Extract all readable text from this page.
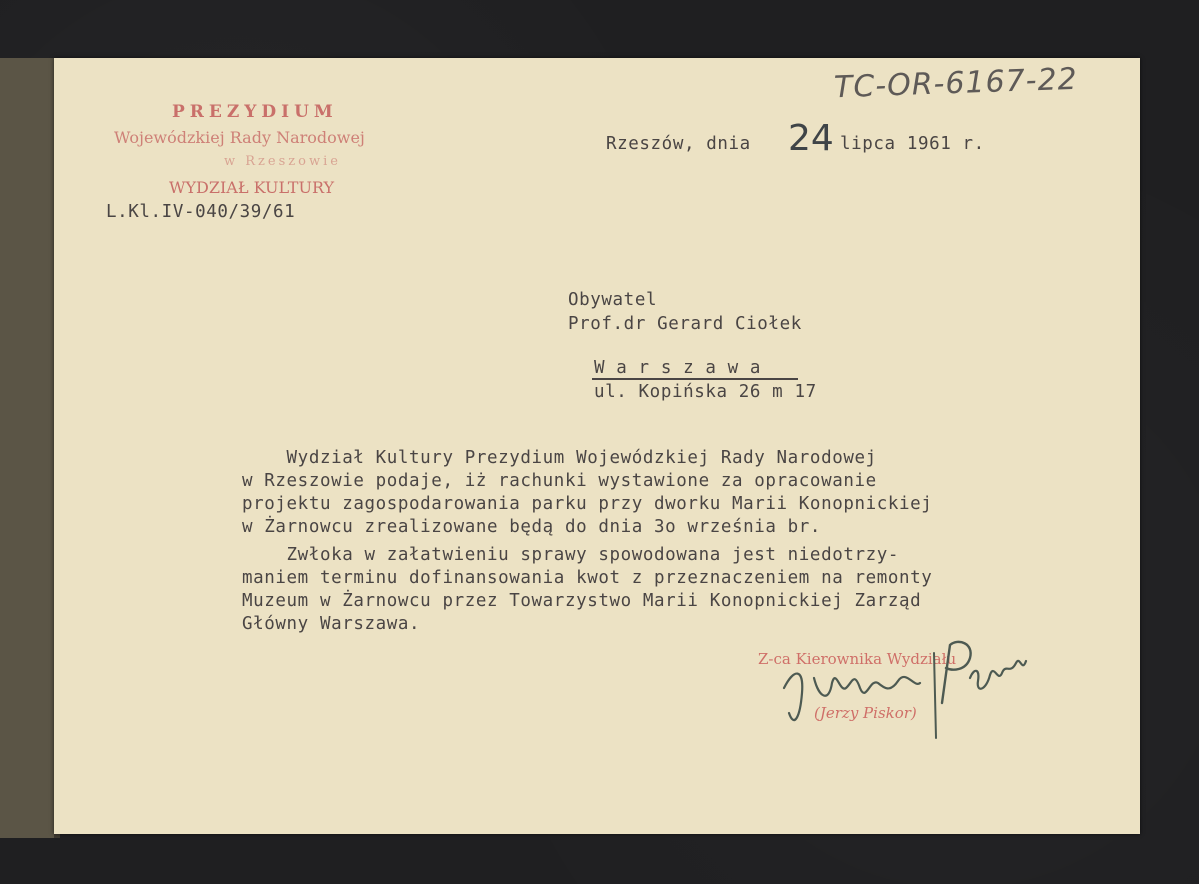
TC-OR-6167-22
PREZYDIUM
Wojewódzkiej Rady Narodowej
w Rzeszowie
WYDZIAŁ KULTURY
L.Kl.IV-040/39/61
Rzeszów, dnia 24 lipca 1961 r.
Obywatel
Prof.dr Gerard Ciołek
W a r s z a w a
ul. Kopińska 26 m 17
Wydział Kultury Prezydium Wojewódzkiej Rady Narodowej
w Rzeszowie podaje, iż rachunki wystawione za opracowanie
projektu zagospodarowania parku przy dworku Marii Konopnickiej
w Żarnowcu zrealizowane będą do dnia 3o września br.
Zwłoka w załatwieniu sprawy spowodowana jest niedotrzy-
maniem terminu dofinansowania kwot z przeznaczeniem na remonty
Muzeum w Żarnowcu przez Towarzystwo Marii Konopnickiej Zarząd
Główny Warszawa.
Z-ca Kierownika Wydziału
(Jerzy Piskor)
